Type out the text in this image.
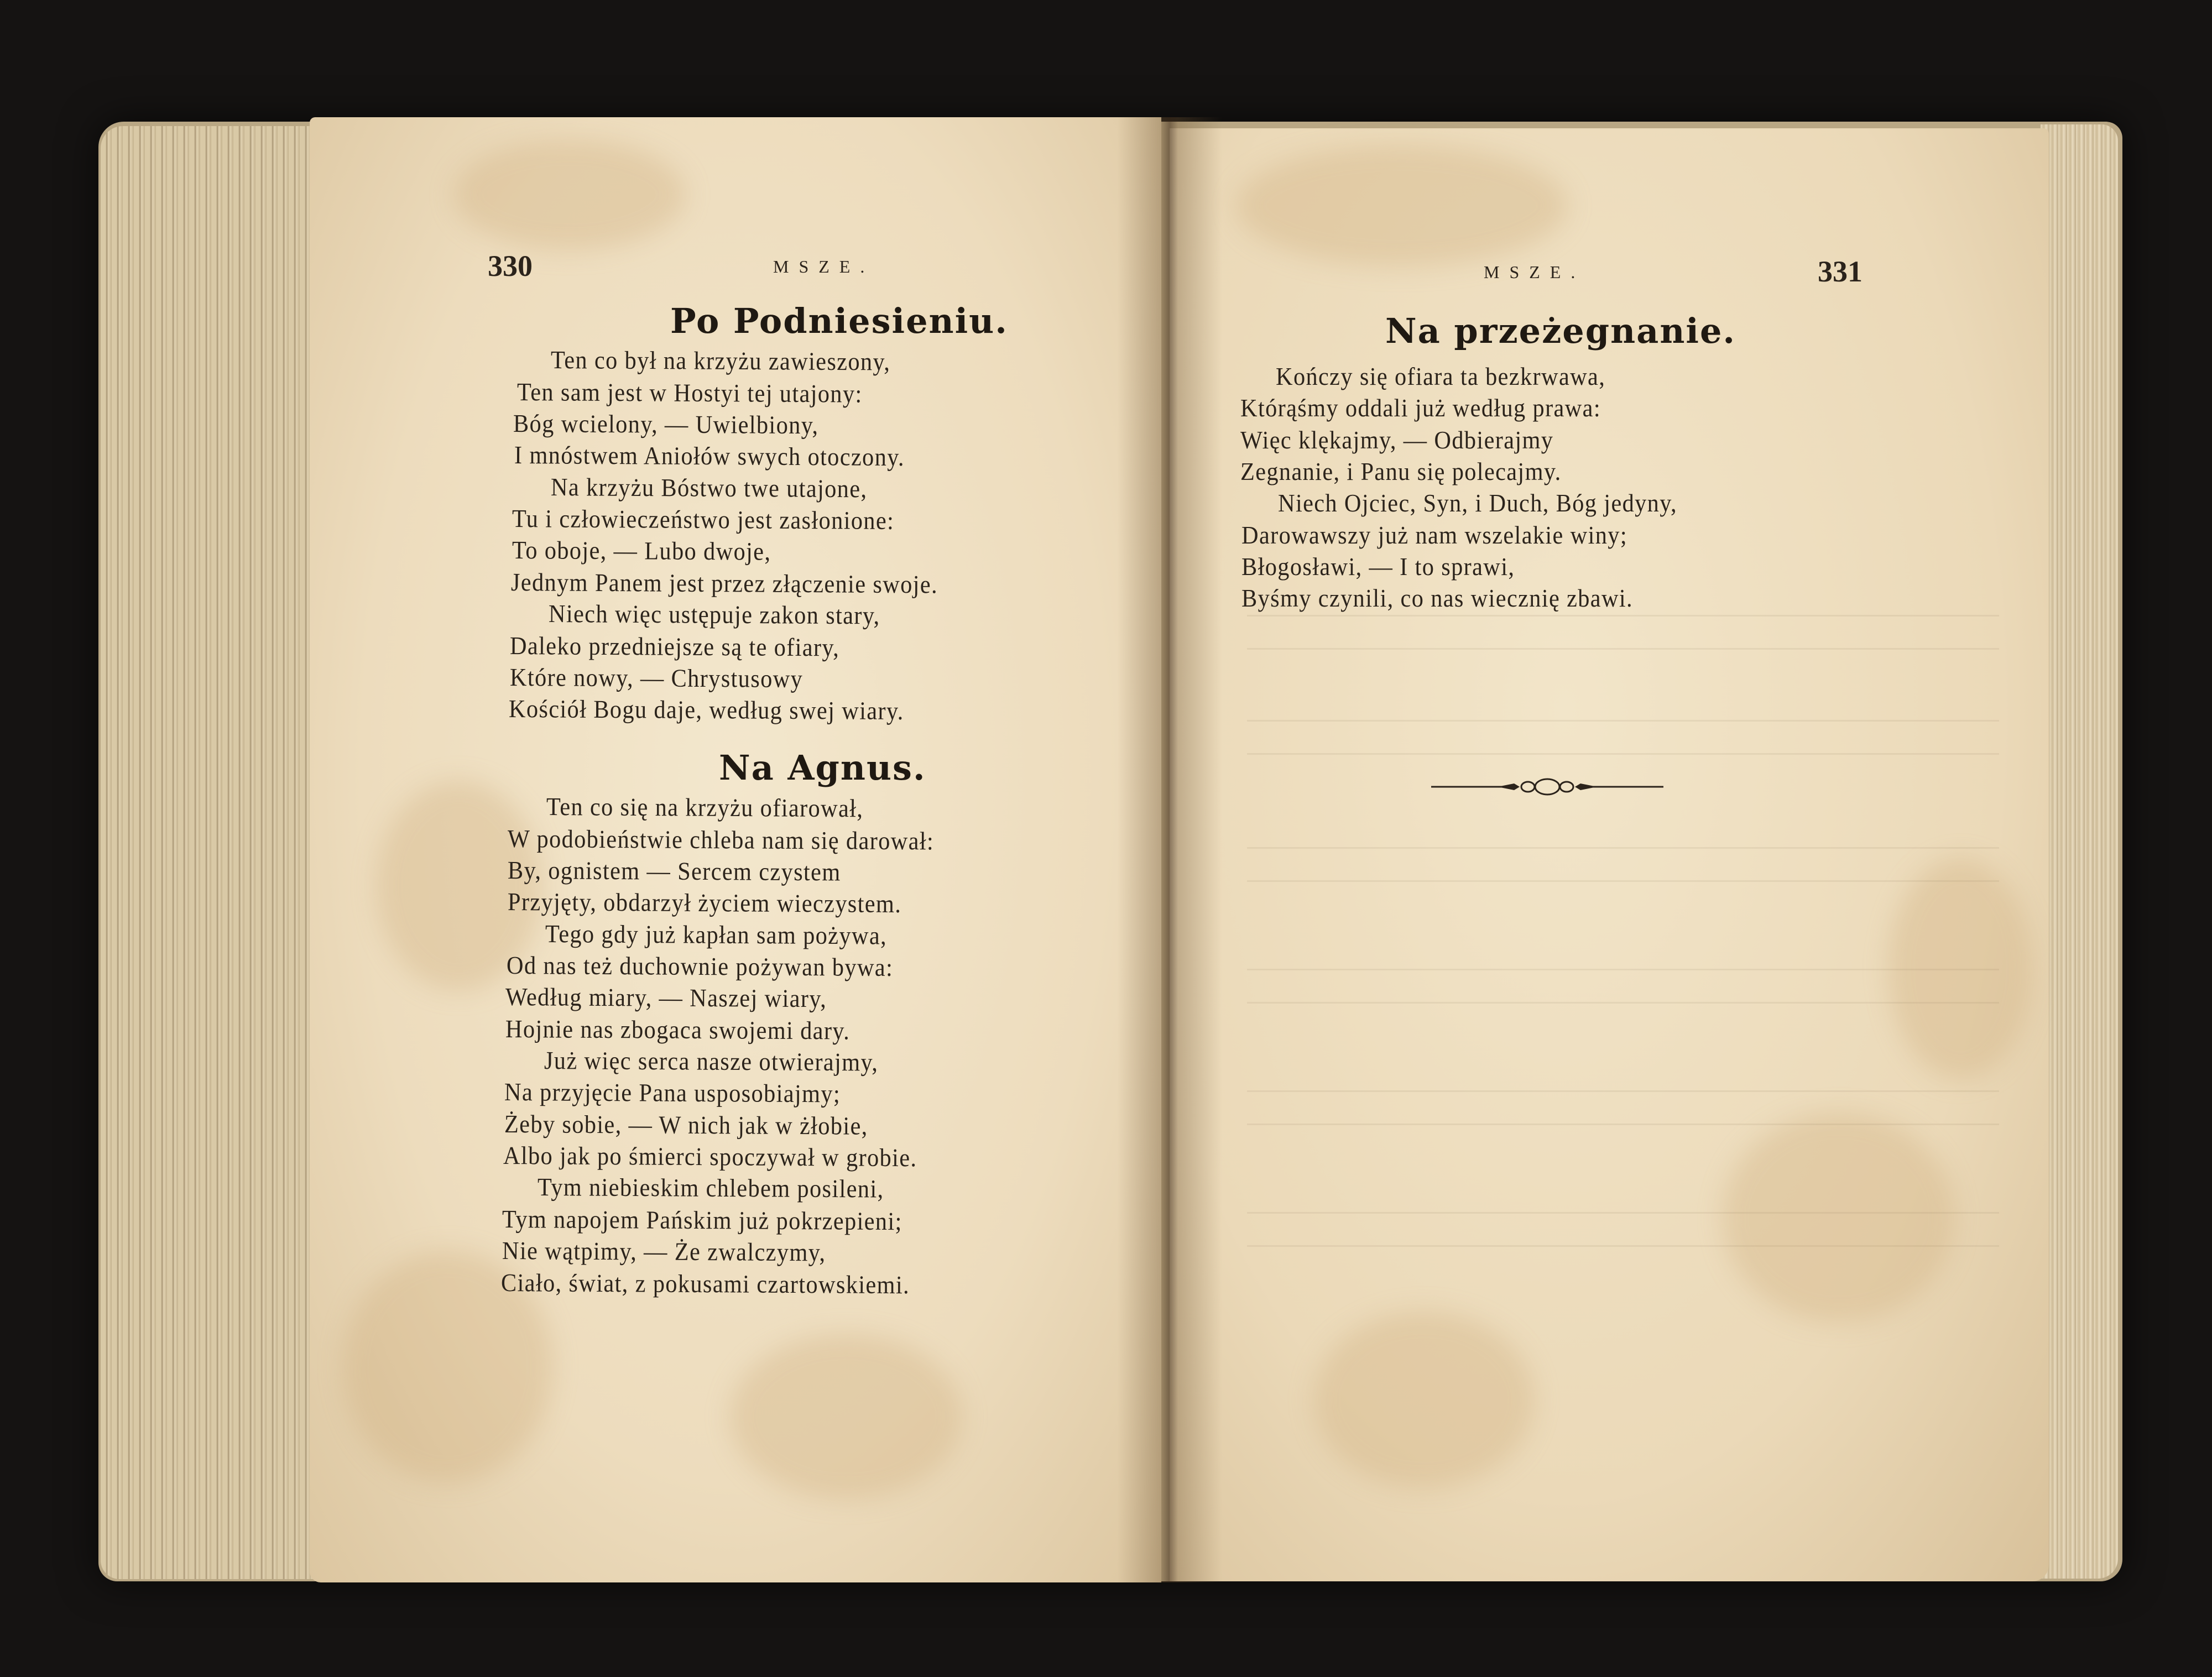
330	MSZE.

Po Podniesieniu.

Ten co był na krzyżu zawieszony,

Ten sam jest w Hostyi tej utajony:

Bóg wcielony, — Uwielbiony,

I mnóstwem Aniołów swych otoczony.

Na krzyżu Bóstwo twe utajone,

Tu i człowieczeństwo jest zasłonione:

To oboje, — Lubo dwoje,

Jednym Panem jest przez złączenie swoje.

Niech więc ustępuje zakon stary,

Daleko przedniejsze są te ofiary,

Które nowy, — Chrystusowy

Kościół Bogu daje, według swej wiary.

Na Agnus.

Ten co się na krzyżu ofiarował,

W podobieństwie chleba nam się darował:

By, ognistem — Sercem czystem

Przyjęty, obdarzył życiem wieczystem.

Tego gdy już kapłan sam pożywa,

Od nas też duchownie pożywan bywa:

Według miary, — Naszej wiary,

Hojnie nas zbogaca swojemi dary.

Już więc serca nasze otwierajmy,

Na przyjęcie Pana usposobiajmy;

Żeby sobie, — W nich jak w żłobie,

Albo jak po śmierci spoczywał w grobie.

Tym niebieskim chlebem posileni,

Tym napojem Pańskim już pokrzepieni;

Nie wątpimy, — Że zwalczymy,

Ciało, świat, z pokusami czartowskiemi.

MSZE.	331

Na przeżegnanie.

Kończy się ofiara ta bezkrwawa,

Którąśmy oddali już według prawa:

Więc klękajmy, — Odbierajmy

Zegnanie, i Panu się polecajmy.

Niech Ojciec, Syn, i Duch, Bóg jedyny,

Darowawszy już nam wszelakie winy;

Błogosławi, — I to sprawi,

Byśmy czynili, co nas wiecznię zbawi.
